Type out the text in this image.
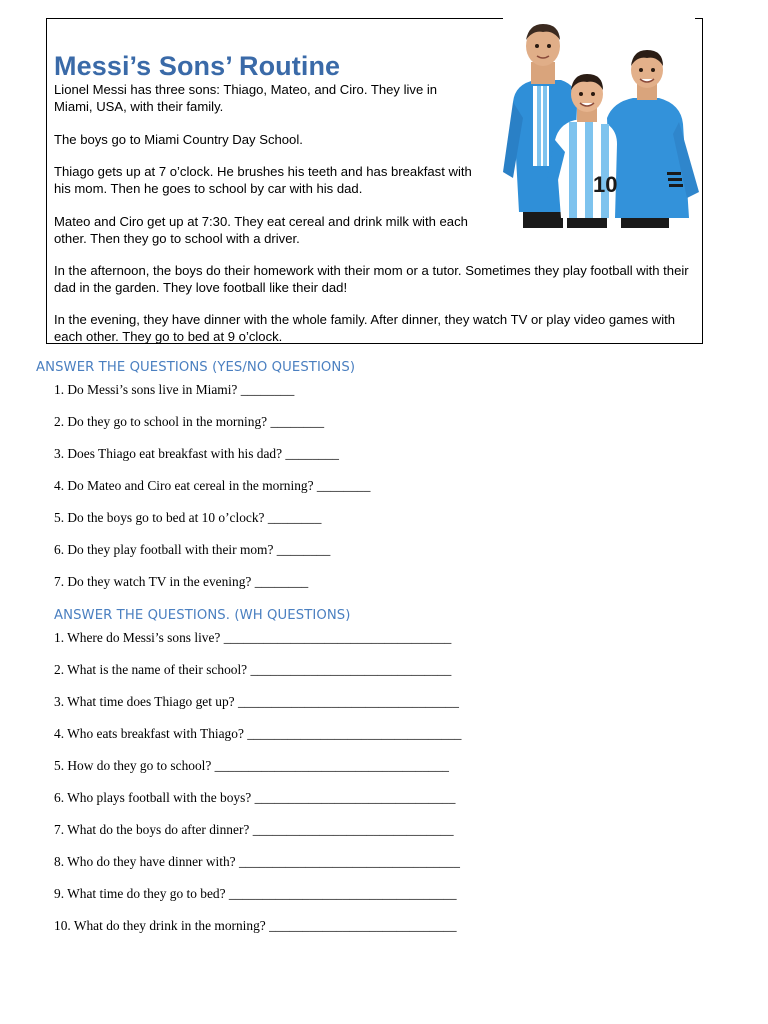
Messi’s Sons’ Routine

Lionel Messi has three sons: Thiago, Mateo, and Ciro. They live in Miami, USA, with their family.

The boys go to Miami Country Day School.

Thiago gets up at 7 o’clock. He brushes his teeth and has breakfast with his mom. Then he goes to school by car with his dad.

Mateo and Ciro get up at 7:30. They eat cereal and drink milk with each other. Then they go to school with a driver.

In the afternoon, the boys do their homework with their mom or a tutor. Sometimes they play football with their dad in the garden. They love football like their dad!

In the evening, they have dinner with the whole family. After dinner, they watch TV or play video games with each other. They go to bed at 9 o’clock.

10
ANSWER THE QUESTIONS (YES/NO QUESTIONS)

1. Do Messi’s sons live in Miami? ________

2. Do they go to school in the morning? ________

3. Does Thiago eat breakfast with his dad? ________

4. Do Mateo and Ciro eat cereal in the morning? ________

5. Do the boys go to bed at 10 o’clock? ________

6. Do they play football with their mom? ________

7. Do they watch TV in the evening? ________

ANSWER THE QUESTIONS. (WH QUESTIONS)

1. Where do Messi’s sons live? __________________________________

2. What is the name of their school? ______________________________

3. What time does Thiago get up? _________________________________

4. Who eats breakfast with Thiago? ________________________________

5. How do they go to school? ___________________________________

6. Who plays football with the boys? ______________________________

7. What do the boys do after dinner? ______________________________

8. Who do they have dinner with? _________________________________

9. What time do they go to bed? __________________________________

10. What do they drink in the morning? ____________________________
